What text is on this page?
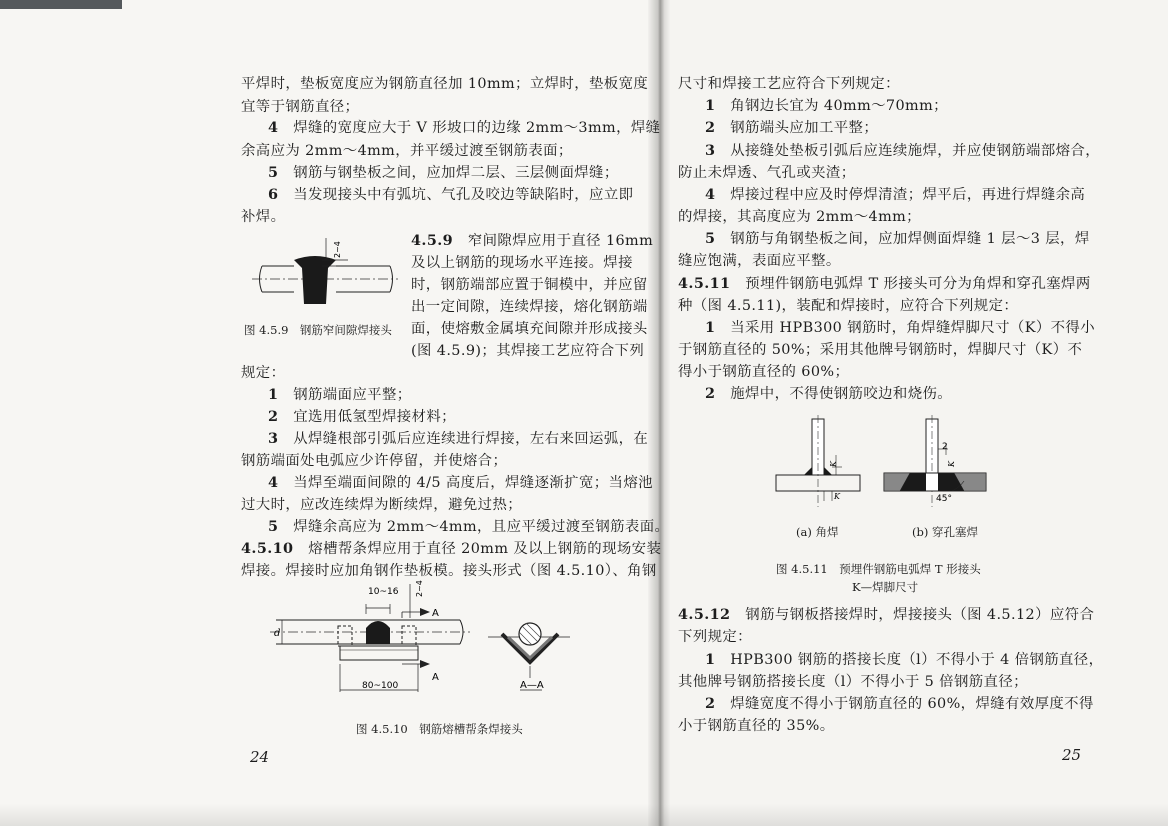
平焊时，垫板宽度应为钢筋直径加 10mm；立焊时，垫板宽度
宜等于钢筋直径；
4　焊缝的宽度应大于 V 形坡口的边缘 2mm～3mm，焊缝
余高应为 2mm～4mm，并平缓过渡至钢筋表面；
5　钢筋与钢垫板之间，应加焊二层、三层侧面焊缝；
6　当发现接头中有弧坑、气孔及咬边等缺陷时，应立即
补焊。
4.5.9　窄间隙焊应用于直径 16mm
及以上钢筋的现场水平连接。焊接
时，钢筋端部应置于铜模中，并应留
出一定间隙，连续焊接，熔化钢筋端
面，使熔敷金属填充间隙并形成接头
(图 4.5.9)；其焊接工艺应符合下列
2~4
图 4.5.9　钢筋窄间隙焊接头
规定：
1　钢筋端面应平整；
2　宜选用低氢型焊接材料；
3　从焊缝根部引弧后应连续进行焊接，左右来回运弧，在
钢筋端面处电弧应少许停留，并使熔合；
4　当焊至端面间隙的 4/5 高度后，焊缝逐渐扩宽；当熔池
过大时，应改连续焊为断续焊，避免过热；
5　焊缝余高应为 2mm～4mm，且应平缓过渡至钢筋表面。
4.5.10　熔槽帮条焊应用于直径 20mm 及以上钢筋的现场安装
焊接。焊接时应加角钢作垫板模。接头形式（图 4.5.10）、角钢
10~16 2~4
A
A
d
80~100	A—A
图 4.5.10　钢筋熔槽帮条焊接头
24
尺寸和焊接工艺应符合下列规定：
1　角钢边长宜为 40mm～70mm；
2　钢筋端头应加工平整；
3　从接缝处垫板引弧后应连续施焊，并应使钢筋端部熔合，
防止未焊透、气孔或夹渣；
4　焊接过程中应及时停焊清渣；焊平后，再进行焊缝余高
的焊接，其高度应为 2mm～4mm；
5　钢筋与角钢垫板之间，应加焊侧面焊缝 1 层～3 层，焊
缝应饱满，表面应平整。
4.5.11　预埋件钢筋电弧焊 T 形接头可分为角焊和穿孔塞焊两
种（图 4.5.11)，装配和焊接时，应符合下列规定：
1　当采用 HPB300 钢筋时，角焊缝焊脚尺寸（K）不得小
于钢筋直径的 50%；采用其他牌号钢筋时，焊脚尺寸（K）不
得小于钢筋直径的 60%；
2　施焊中，不得使钢筋咬边和烧伤。
K
K
2
K
45°
(a) 角焊	(b) 穿孔塞焊
图 4.5.11　预埋件钢筋电弧焊 T 形接头
K—焊脚尺寸
4.5.12　钢筋与钢板搭接焊时，焊接接头（图 4.5.12）应符合
下列规定：
1　HPB300 钢筋的搭接长度（l）不得小于 4 倍钢筋直径，
其他牌号钢筋搭接长度（l）不得小于 5 倍钢筋直径；
2　焊缝宽度不得小于钢筋直径的 60%，焊缝有效厚度不得
小于钢筋直径的 35%。
25
